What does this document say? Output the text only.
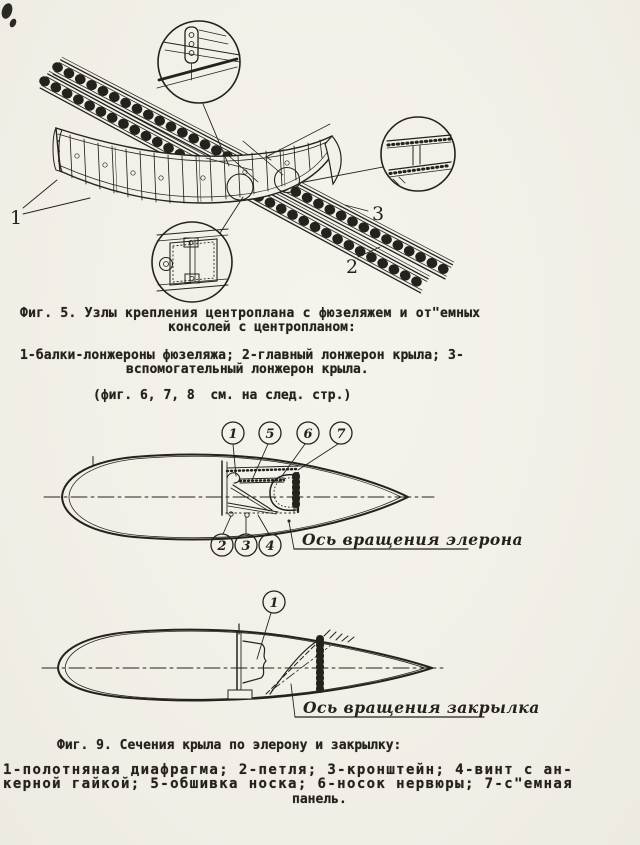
1	3
2
Фиг. 5. Узлы крепления центроплана с фюзеляжем и от"емных
консолей с центропланом:
1-балки-лонжероны фюзеляжа; 2-главный лонжерон крыла; 3-
вспомогательный лонжерон крыла.
(фиг. 6, 7, 8  см. на след. стр.)
1 5 6 7
2 3 4 Ось вращения элерона
1
Ось вращения закрылка
Фиг. 9. Сечения крыла по элерону и закрылку:
1-полотняная диафрагма; 2-петля; 3-кронштейн; 4-винт с ан-
керной гайкой; 5-обшивка носка; 6-носок нервюры; 7-с"емная
панель.
